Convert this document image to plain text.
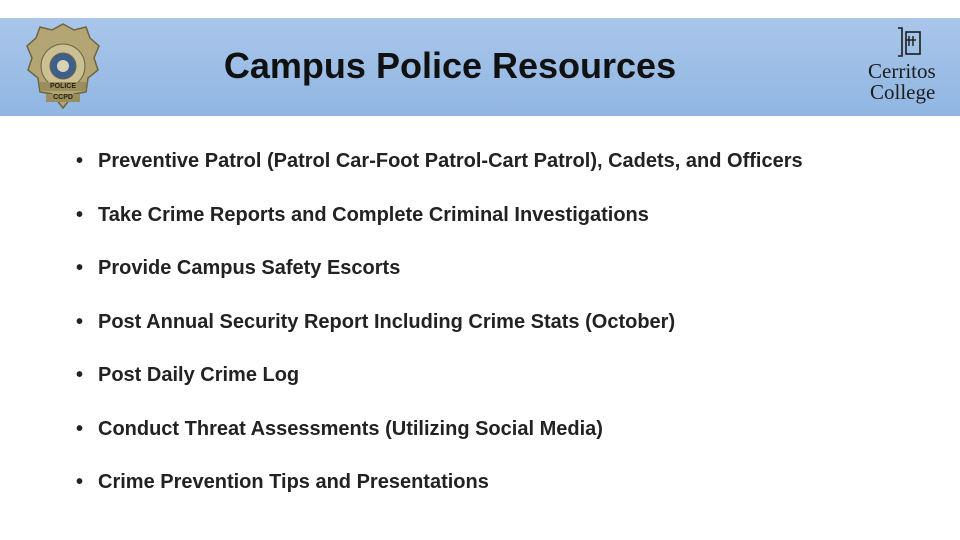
POLICE
CCPD
Campus Police Resources	Cerritos
College
• Preventive Patrol (Patrol Car-Foot Patrol-Cart Patrol), Cadets, and Officers
• Take Crime Reports and Complete Criminal Investigations
• Provide Campus Safety Escorts
• Post Annual Security Report Including Crime Stats (October)
• Post Daily Crime Log
• Conduct Threat Assessments (Utilizing Social Media)
• Crime Prevention Tips and Presentations
